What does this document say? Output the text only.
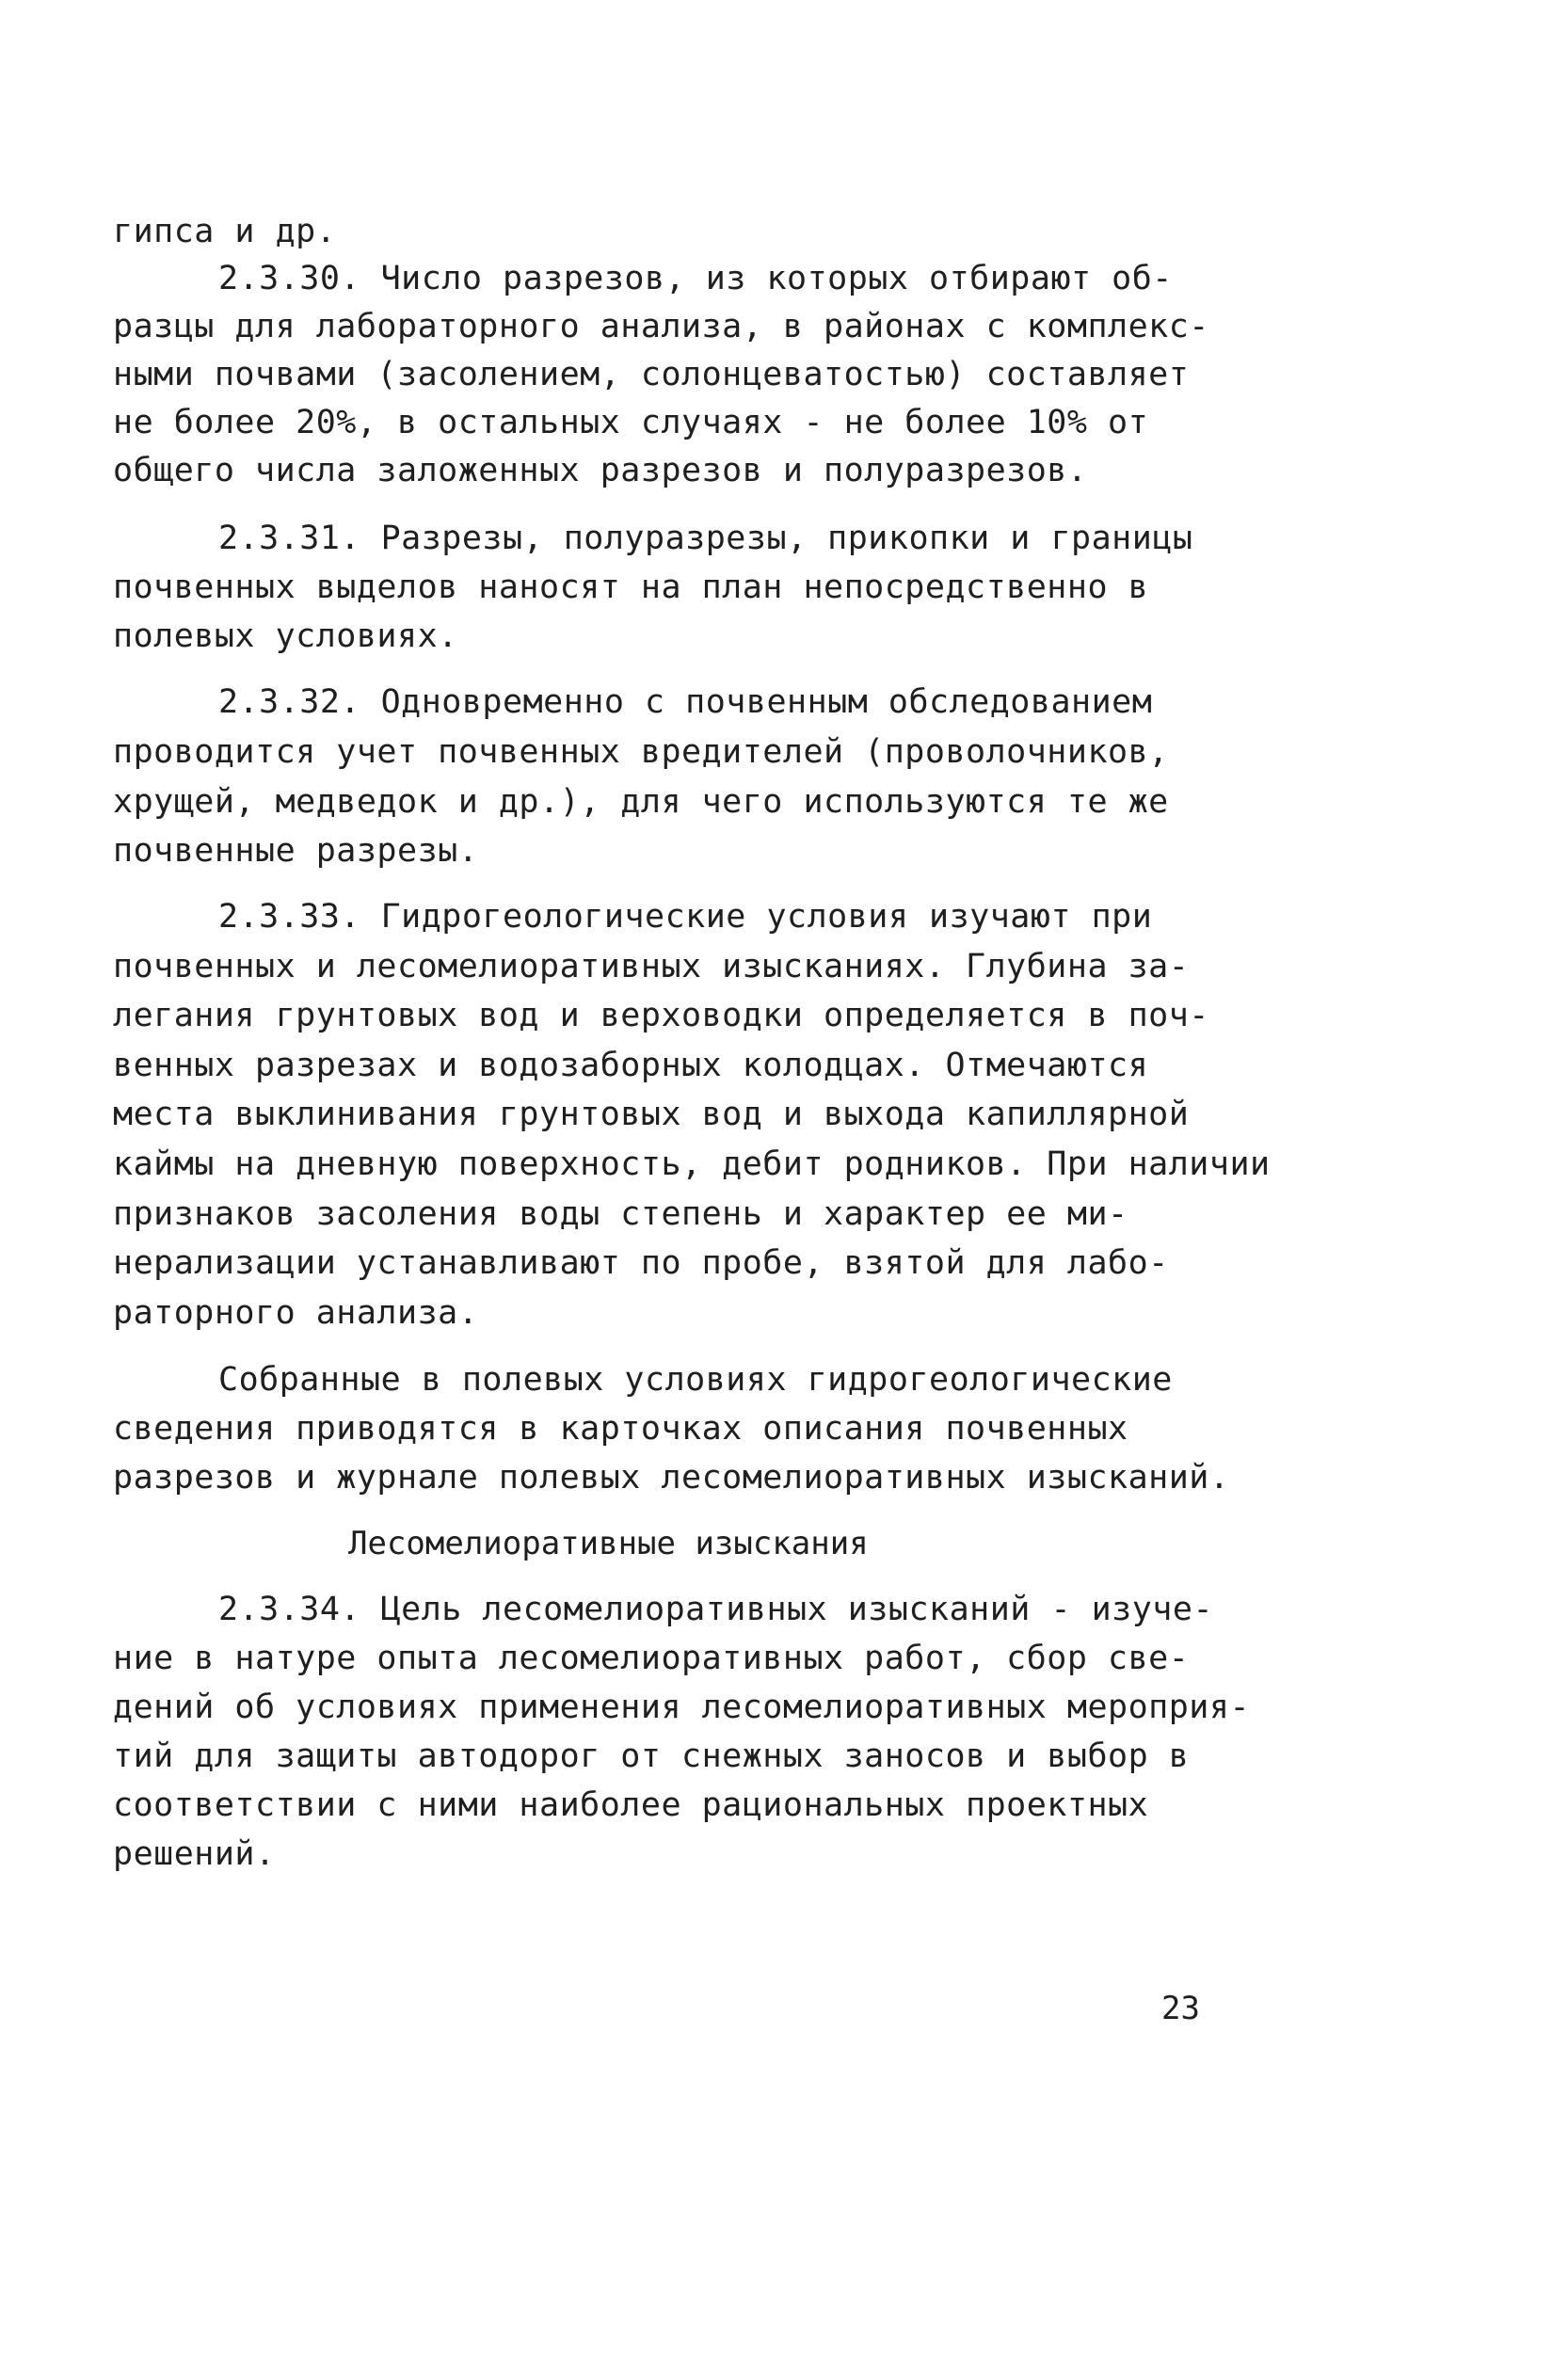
гипса и др.
2.3.30. Число разрезов, из которых отбирают об-
разцы для лабораторного анализа, в районах с комплекс-
ными почвами (засолением, солонцеватостью) составляет
не более 20%, в остальных случаях - не более 10% от
общего числа заложенных разрезов и полуразрезов.
2.3.31. Разрезы, полуразрезы, прикопки и границы
почвенных выделов наносят на план непосредственно в
полевых условиях.
2.3.32. Одновременно с почвенным обследованием
проводится учет почвенных вредителей (проволочников,
хрущей, медведок и др.), для чего используются те же
почвенные разрезы.
2.3.33. Гидрогеологические условия изучают при
почвенных и лесомелиоративных изысканиях. Глубина за-
легания грунтовых вод и верховодки определяется в поч-
венных разрезах и водозаборных колодцах. Отмечаются
места выклинивания грунтовых вод и выхода капиллярной
каймы на дневную поверхность, дебит родников. При наличии
признаков засоления воды степень и характер ее ми-
нерализации устанавливают по пробе, взятой для лабо-
раторного анализа.
Собранные в полевых условиях гидрогеологические
сведения приводятся в карточках описания почвенных
разрезов и журнале полевых лесомелиоративных изысканий.
Лесомелиоративные изыскания
2.3.34. Цель лесомелиоративных изысканий - изуче-
ние в натуре опыта лесомелиоративных работ, сбор све-
дений об условиях применения лесомелиоративных мероприя-
тий для защиты автодорог от снежных заносов и выбор в
соответствии с ними наиболее рациональных проектных
решений.
23
